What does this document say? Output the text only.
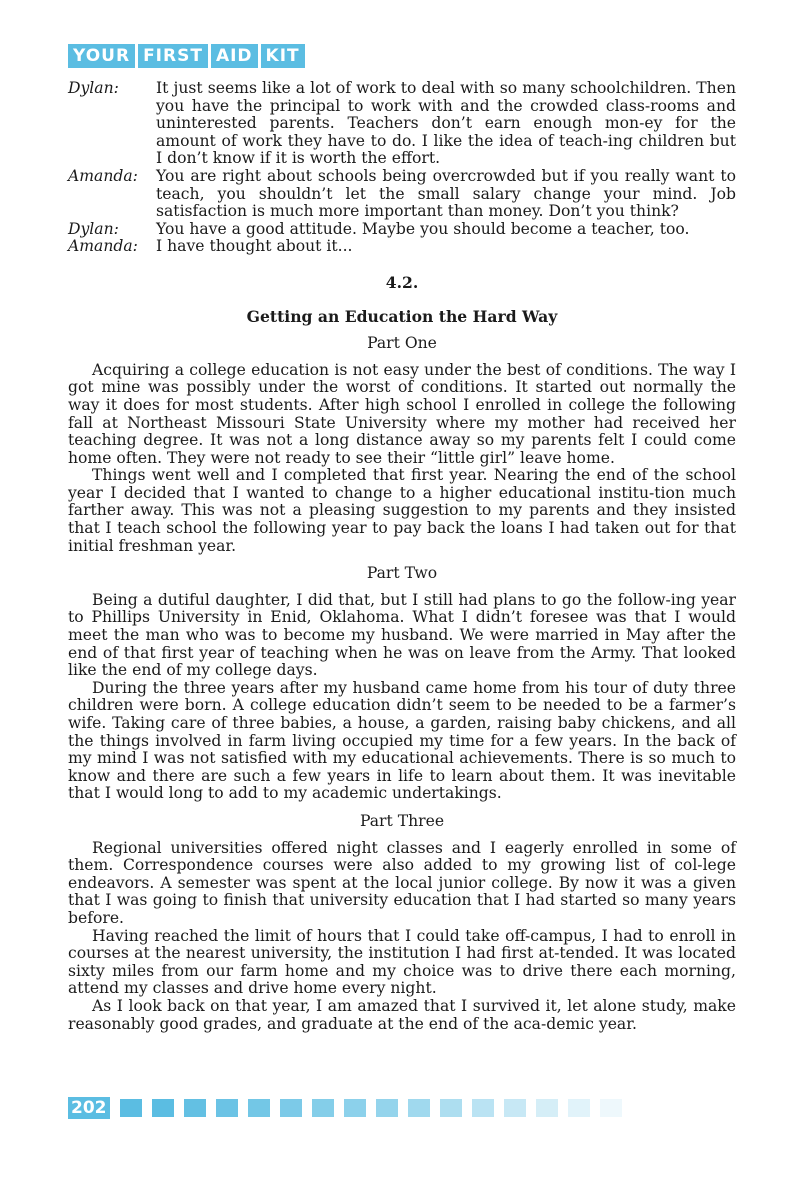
YOUR FIRST AID KIT
Dylan:	It just seems like a lot of work to deal with so many schoolchildren. Then you have the principal to work with and the crowded class-rooms and uninterested parents. Teachers don’t earn enough mon-ey for the amount of work they have to do. I like the idea of teach-ing children but I don’t know if it is worth the effort.
Amanda:	You are right about schools being overcrowded but if you really want to teach, you shouldn’t let the small salary change your mind. Job satisfaction is much more important than money. Don’t you think?
Dylan:	You have a good attitude. Maybe you should become a teacher, too.
Amanda:	I have thought about it...
4.2.
Getting an Education the Hard Way
Part One

Acquiring a college education is not easy under the best of conditions. The way I got mine was possibly under the worst of conditions. It started out normally the way it does for most students. After high school I enrolled in college the following fall at Northeast Missouri State University where my mother had received her teaching degree. It was not a long distance away so my parents felt I could come home often. They were not ready to see their “little girl” leave home.

Things went well and I completed that first year. Nearing the end of the school year I decided that I wanted to change to a higher educational institu-tion much farther away. This was not a pleasing suggestion to my parents and they insisted that I teach school the following year to pay back the loans I had taken out for that initial freshman year.

Part Two

Being a dutiful daughter, I did that, but I still had plans to go the follow-ing year to Phillips University in Enid, Oklahoma. What I didn’t foresee was that I would meet the man who was to become my husband. We were married in May after the end of that first year of teaching when he was on leave from the Army. That looked like the end of my college days.

During the three years after my husband came home from his tour of duty three children were born. A college education didn’t seem to be needed to be a farmer’s wife. Taking care of three babies, a house, a garden, raising baby chickens, and all the things involved in farm living occupied my time for a few years. In the back of my mind I was not satisfied with my educational achievements. There is so much to know and there are such a few years in life to learn about them. It was inevitable that I would long to add to my academic undertakings.

Part Three

Regional universities offered night classes and I eagerly enrolled in some of them. Correspondence courses were also added to my growing list of col-lege endeavors. A semester was spent at the local junior college. By now it was a given that I was going to finish that university education that I had started so many years before.

Having reached the limit of hours that I could take off-campus, I had to enroll in courses at the nearest university, the institution I had first at-tended. It was located sixty miles from our farm home and my choice was to drive there each morning, attend my classes and drive home every night.

As I look back on that year, I am amazed that I survived it, let alone study, make reasonably good grades, and graduate at the end of the aca-demic year.

202
